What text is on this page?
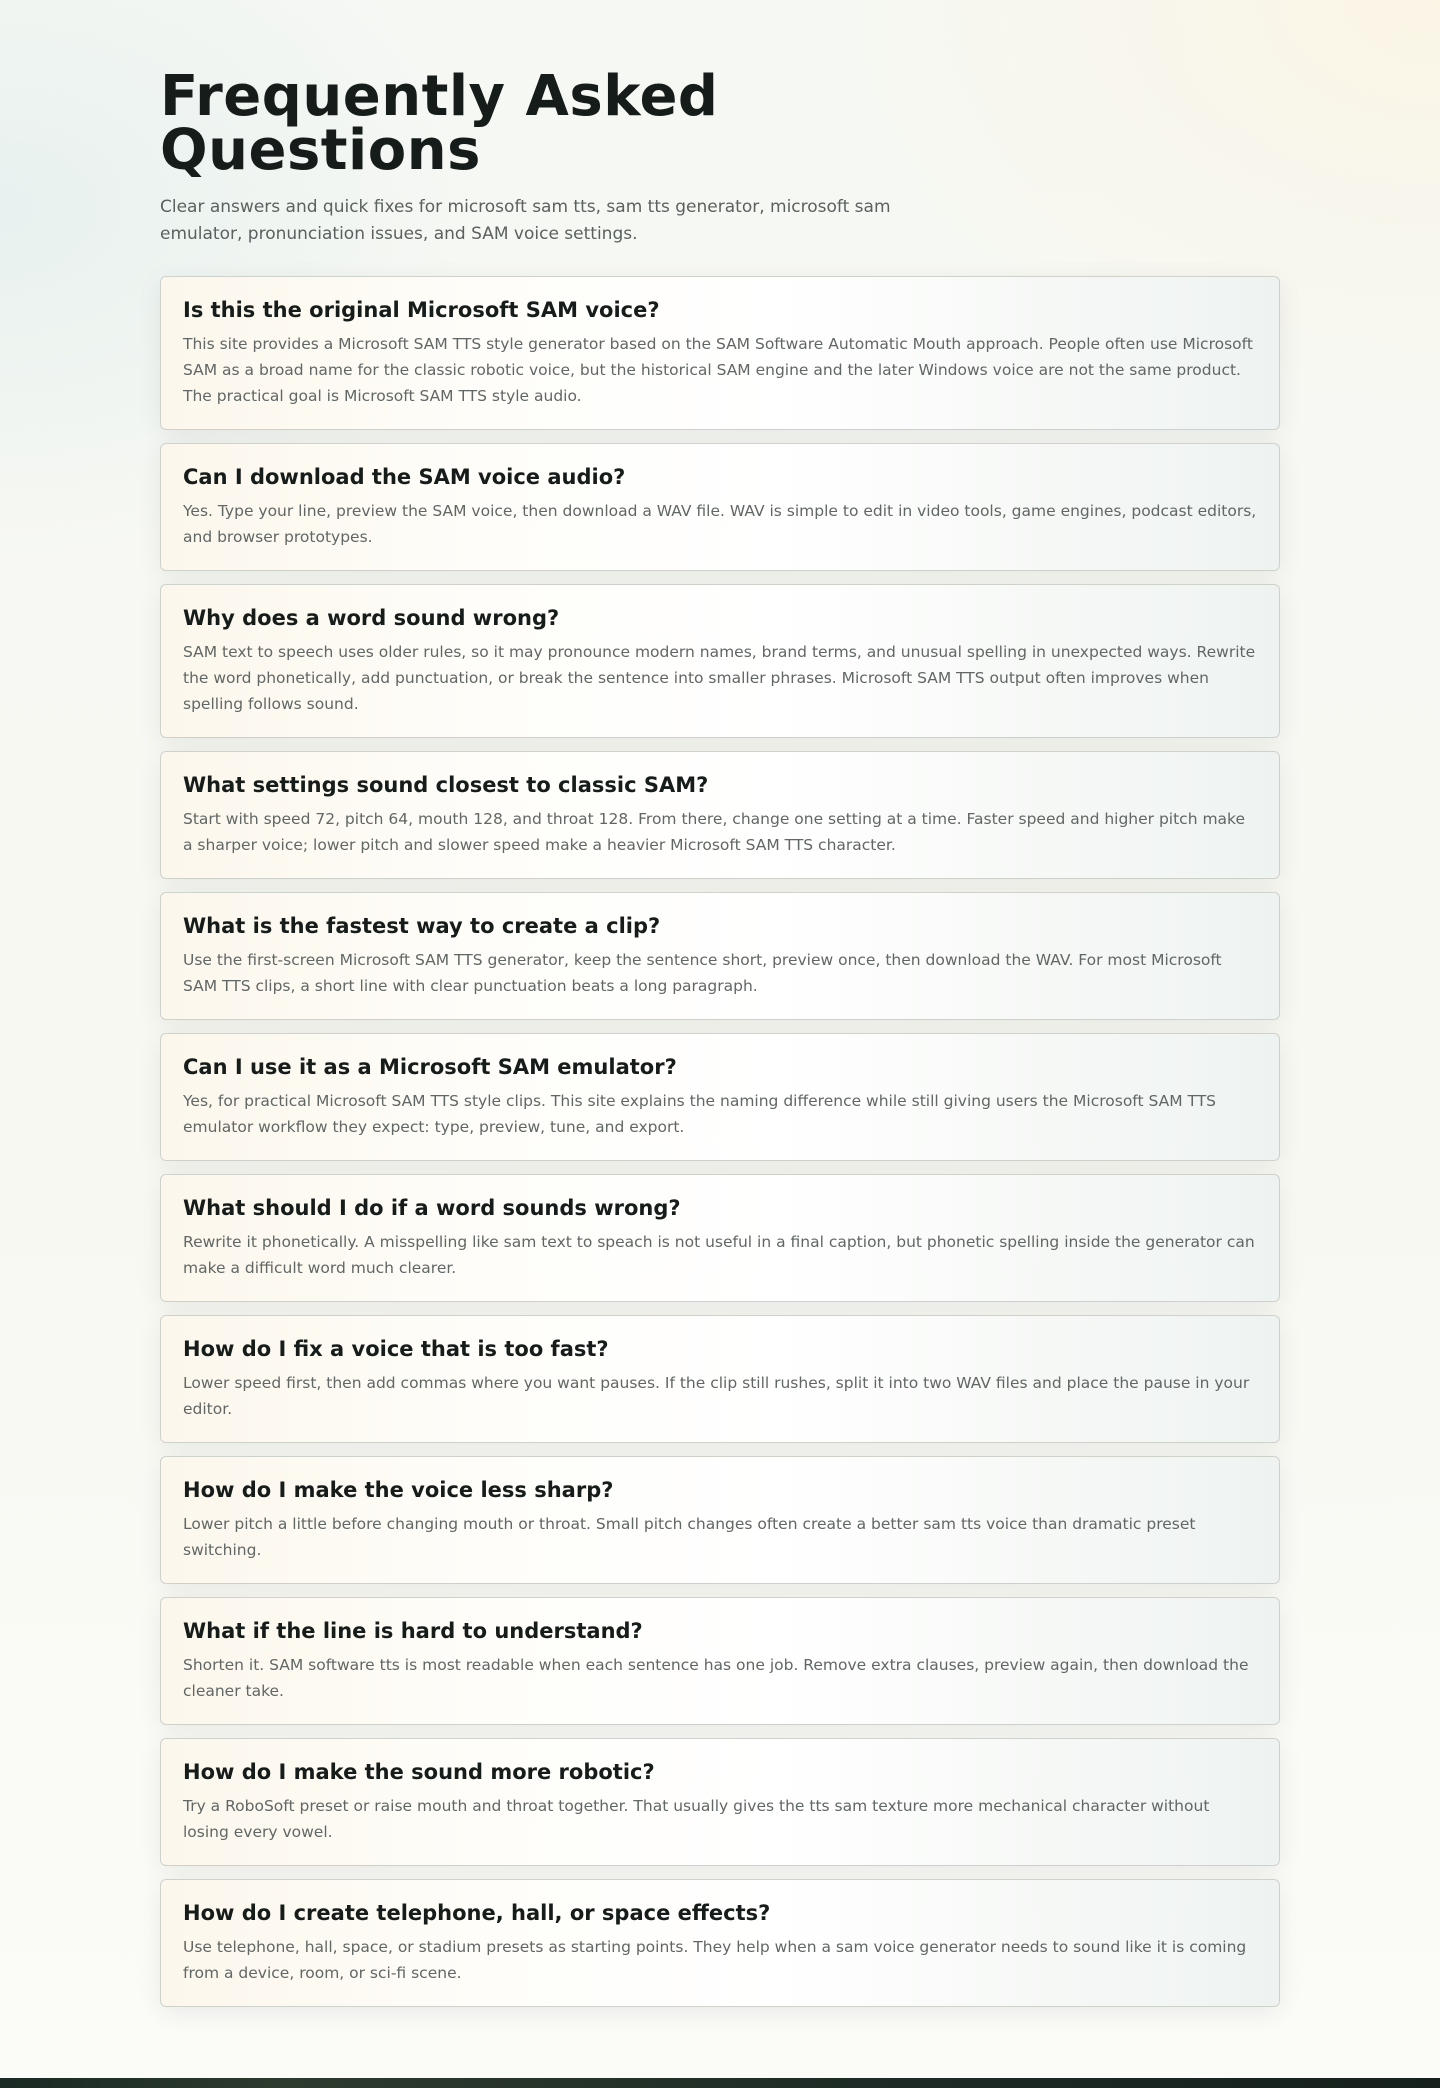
Frequently Asked Questions

Clear answers and quick fixes for microsoft sam tts, sam tts generator, microsoft sam emulator, pronunciation issues, and SAM voice settings.

Is this the original Microsoft SAM voice?

This site provides a Microsoft SAM TTS style generator based on the SAM Software Automatic Mouth approach. People often use Microsoft SAM as a broad name for the classic robotic voice, but the historical SAM engine and the later Windows voice are not the same product. The practical goal is Microsoft SAM TTS style audio.

Can I download the SAM voice audio?

Yes. Type your line, preview the SAM voice, then download a WAV file. WAV is simple to edit in video tools, game engines, podcast editors, and browser prototypes.

Why does a word sound wrong?

SAM text to speech uses older rules, so it may pronounce modern names, brand terms, and unusual spelling in unexpected ways. Rewrite the word phonetically, add punctuation, or break the sentence into smaller phrases. Microsoft SAM TTS output often improves when spelling follows sound.

What settings sound closest to classic SAM?

Start with speed 72, pitch 64, mouth 128, and throat 128. From there, change one setting at a time. Faster speed and higher pitch make a sharper voice; lower pitch and slower speed make a heavier Microsoft SAM TTS character.

What is the fastest way to create a clip?

Use the first-screen Microsoft SAM TTS generator, keep the sentence short, preview once, then download the WAV. For most Microsoft SAM TTS clips, a short line with clear punctuation beats a long paragraph.

Can I use it as a Microsoft SAM emulator?

Yes, for practical Microsoft SAM TTS style clips. This site explains the naming difference while still giving users the Microsoft SAM TTS emulator workflow they expect: type, preview, tune, and export.

What should I do if a word sounds wrong?

Rewrite it phonetically. A misspelling like sam text to speach is not useful in a final caption, but phonetic spelling inside the generator can make a difficult word much clearer.

How do I fix a voice that is too fast?

Lower speed first, then add commas where you want pauses. If the clip still rushes, split it into two WAV files and place the pause in your editor.

How do I make the voice less sharp?

Lower pitch a little before changing mouth or throat. Small pitch changes often create a better sam tts voice than dramatic preset switching.

What if the line is hard to understand?

Shorten it. SAM software tts is most readable when each sentence has one job. Remove extra clauses, preview again, then download the cleaner take.

How do I make the sound more robotic?

Try a RoboSoft preset or raise mouth and throat together. That usually gives the tts sam texture more mechanical character without losing every vowel.

How do I create telephone, hall, or space effects?

Use telephone, hall, space, or stadium presets as starting points. They help when a sam voice generator needs to sound like it is coming from a device, room, or sci-fi scene.
